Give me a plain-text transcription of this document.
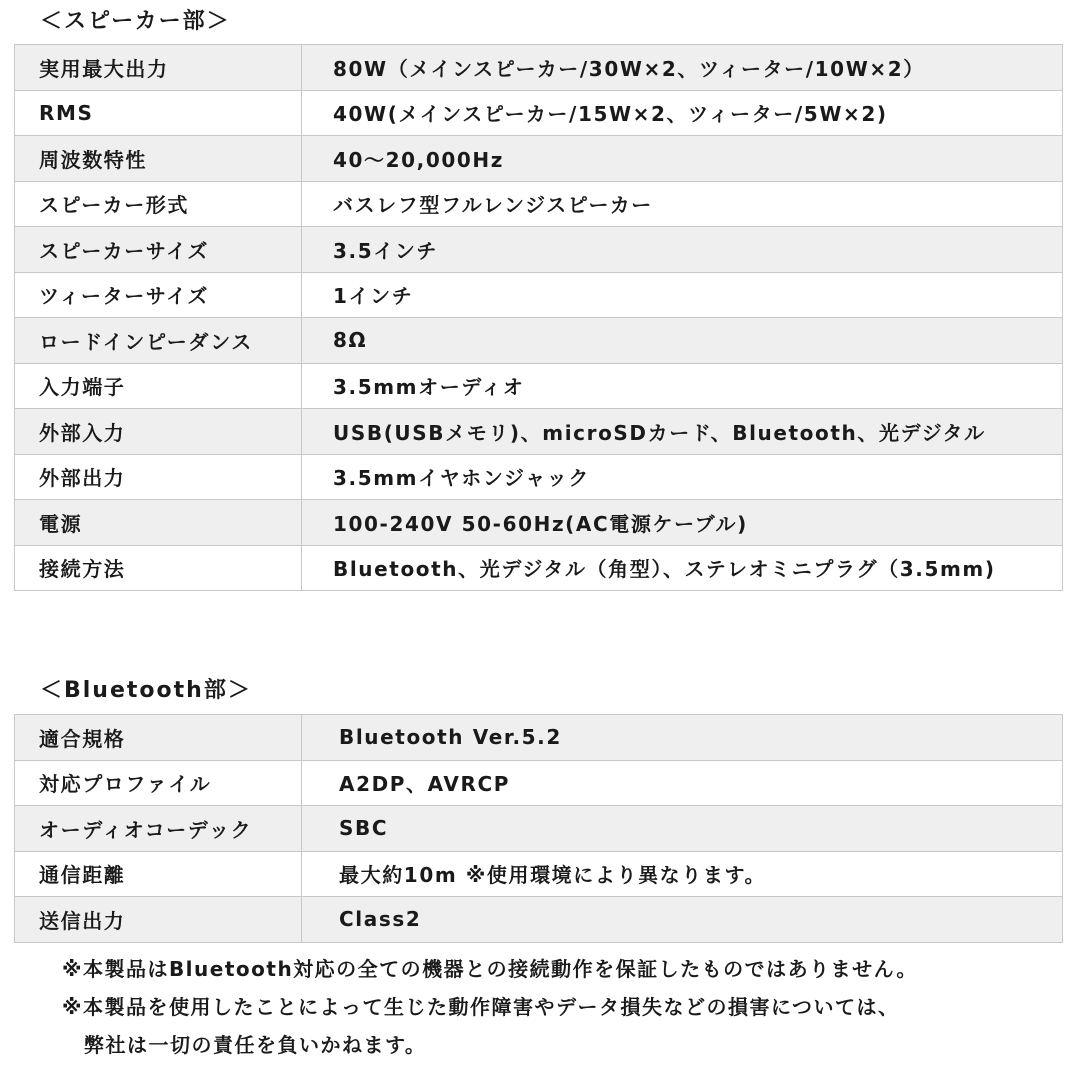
＜スピーカー部＞
実用最大出力	80W（メインスピーカー/30W×2、ツィーター/10W×2）
RMS	40W(メインスピーカー/15W×2、ツィーター/5W×2)
周波数特性	40～20,000Hz
スピーカー形式	バスレフ型フルレンジスピーカー
スピーカーサイズ	3.5インチ
ツィーターサイズ	1インチ
ロードインピーダンス	8Ω
入力端子	3.5mmオーディオ
外部入力	USB(USBメモリ)、microSDカード、Bluetooth、光デジタル
外部出力	3.5mmイヤホンジャック
電源	100-240V 50-60Hz(AC電源ケーブル)
接続方法	Bluetooth、光デジタル（角型）、ステレオミニプラグ（3.5mm)
＜Bluetooth部＞
適合規格	Bluetooth Ver.5.2
対応プロファイル	A2DP、AVRCP
オーディオコーデック	SBC
通信距離	最大約10m ※使用環境により異なります。
送信出力	Class2
※本製品はBluetooth対応の全ての機器との接続動作を保証したものではありません。
※本製品を使用したことによって生じた動作障害やデータ損失などの損害については、
弊社は一切の責任を負いかねます。
